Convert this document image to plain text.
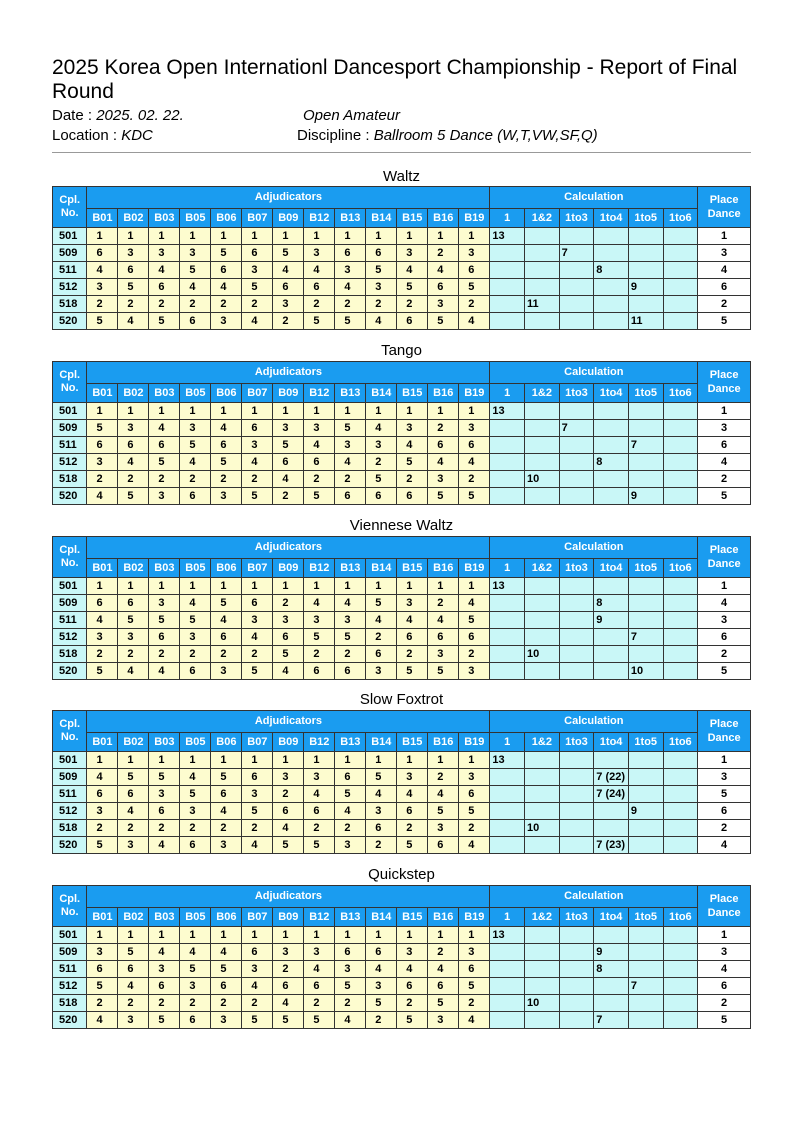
2025 Korea Open Internationl Dancesport Championship - Report of Final Round
Date : 2025. 02. 22.	Open Amateur
Location : KDC	Discipline : Ballroom 5 Dance (W,T,VW,SF,Q)
Waltz
Cpl.
No.	Adjudicators													Calculation						Place
Dance
	B01	B02	B03	B05	B06	B07	B09	B12	B13	B14	B15	B16	B19	1	1&2	1to3	1to4	1to5	1to6	
501	1	1	1	1	1	1	1	1	1	1	1	1	1	13						1
509	6	3	3	3	5	6	5	3	6	6	3	2	3			7				3
511	4	6	4	5	6	3	4	4	3	5	4	4	6				8			4
512	3	5	6	4	4	5	6	6	4	3	5	6	5					9		6
518	2	2	2	2	2	2	3	2	2	2	2	3	2		11					2
520	5	4	5	6	3	4	2	5	5	4	6	5	4					11		5
Tango
Cpl.
No.	Adjudicators													Calculation						Place
Dance
	B01	B02	B03	B05	B06	B07	B09	B12	B13	B14	B15	B16	B19	1	1&2	1to3	1to4	1to5	1to6	
501	1	1	1	1	1	1	1	1	1	1	1	1	1	13						1
509	5	3	4	3	4	6	3	3	5	4	3	2	3			7				3
511	6	6	6	5	6	3	5	4	3	3	4	6	6					7		6
512	3	4	5	4	5	4	6	6	4	2	5	4	4				8			4
518	2	2	2	2	2	2	4	2	2	5	2	3	2		10					2
520	4	5	3	6	3	5	2	5	6	6	6	5	5					9		5
Viennese Waltz
Cpl.
No.	Adjudicators													Calculation						Place
Dance
	B01	B02	B03	B05	B06	B07	B09	B12	B13	B14	B15	B16	B19	1	1&2	1to3	1to4	1to5	1to6	
501	1	1	1	1	1	1	1	1	1	1	1	1	1	13						1
509	6	6	3	4	5	6	2	4	4	5	3	2	4				8			4
511	4	5	5	5	4	3	3	3	3	4	4	4	5				9			3
512	3	3	6	3	6	4	6	5	5	2	6	6	6					7		6
518	2	2	2	2	2	2	5	2	2	6	2	3	2		10					2
520	5	4	4	6	3	5	4	6	6	3	5	5	3					10		5
Slow Foxtrot
Cpl.
No.	Adjudicators													Calculation						Place
Dance
	B01	B02	B03	B05	B06	B07	B09	B12	B13	B14	B15	B16	B19	1	1&2	1to3	1to4	1to5	1to6	
501	1	1	1	1	1	1	1	1	1	1	1	1	1	13						1
509	4	5	5	4	5	6	3	3	6	5	3	2	3				7 (22)			3
511	6	6	3	5	6	3	2	4	5	4	4	4	6				7 (24)			5
512	3	4	6	3	4	5	6	6	4	3	6	5	5					9		6
518	2	2	2	2	2	2	4	2	2	6	2	3	2		10					2
520	5	3	4	6	3	4	5	5	3	2	5	6	4				7 (23)			4
Quickstep
Cpl.
No.	Adjudicators													Calculation						Place
Dance
	B01	B02	B03	B05	B06	B07	B09	B12	B13	B14	B15	B16	B19	1	1&2	1to3	1to4	1to5	1to6	
501	1	1	1	1	1	1	1	1	1	1	1	1	1	13						1
509	3	5	4	4	4	6	3	3	6	6	3	2	3				9			3
511	6	6	3	5	5	3	2	4	3	4	4	4	6				8			4
512	5	4	6	3	6	4	6	6	5	3	6	6	5					7		6
518	2	2	2	2	2	2	4	2	2	5	2	5	2		10					2
520	4	3	5	6	3	5	5	5	4	2	5	3	4				7			5
